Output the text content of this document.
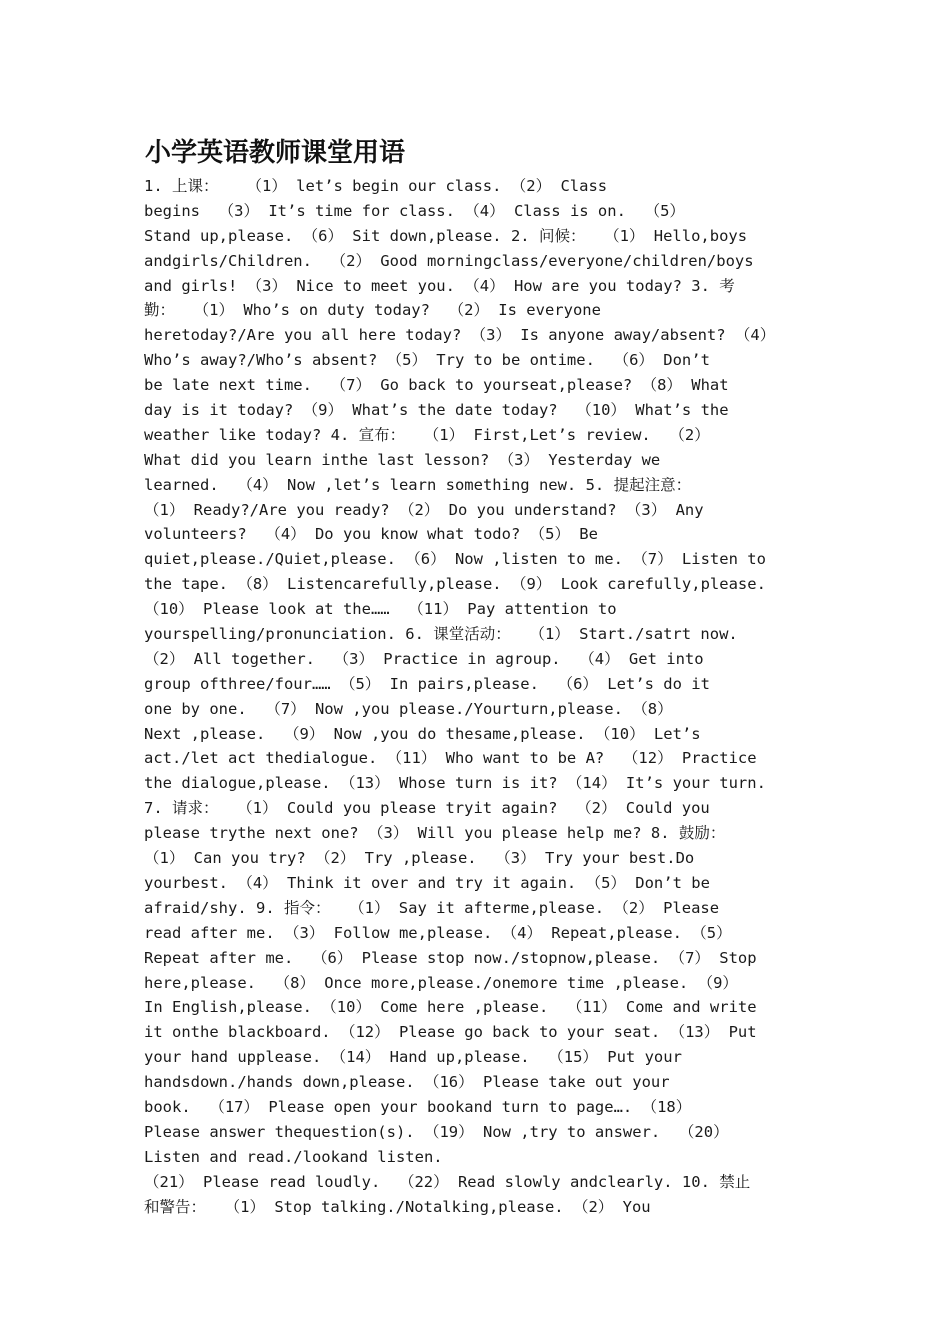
小学英语教师课堂用语
1. 上课：   （1） let’s begin our class. （2） Class
begins  （3） It’s time for class. （4） Class is on.  （5）
Stand up,please. （6） Sit down,please. 2. 问候：  （1） Hello,boys
andgirls/Children.  （2） Good morningclass/everyone/children/boys
and girls! （3） Nice to meet you. （4） How are you today? 3. 考
勤：  （1） Who’s on duty today?  （2） Is everyone
heretoday?/Are you all here today? （3） Is anyone away/absent? （4）
Who’s away?/Who’s absent? （5） Try to be ontime.  （6） Don’t
be late next time.  （7） Go back to yourseat,please? （8） What
day is it today? （9） What’s the date today?  （10） What’s the
weather like today? 4. 宣布：  （1） First,Let’s review.  （2）
What did you learn inthe last lesson? （3） Yesterday we
learned.  （4） Now ,let’s learn something new. 5. 提起注意：
（1） Ready?/Are you ready? （2） Do you understand? （3） Any
volunteers?  （4） Do you know what todo? （5） Be
quiet,please./Quiet,please. （6） Now ,listen to me. （7） Listen to
the tape. （8） Listencarefully,please. （9） Look carefully,please.
（10） Please look at the……  （11） Pay attention to
yourspelling/pronunciation. 6. 课堂活动：  （1） Start./satrt now.
（2） All together.  （3） Practice in agroup.  （4） Get into
group ofthree/four…… （5） In pairs,please.  （6） Let’s do it
one by one.  （7） Now ,you please./Yourturn,please. （8）
Next ,please.  （9） Now ,you do thesame,please. （10） Let’s
act./let act thedialogue. （11） Who want to be A?  （12） Practice
the dialogue,please. （13） Whose turn is it? （14） It’s your turn.
7. 请求：  （1） Could you please tryit again?  （2） Could you
please trythe next one? （3） Will you please help me? 8. 鼓励：
（1） Can you try? （2） Try ,please.  （3） Try your best.Do
yourbest. （4） Think it over and try it again. （5） Don’t be
afraid/shy. 9. 指令：  （1） Say it afterme,please. （2） Please
read after me. （3） Follow me,please. （4） Repeat,please. （5）
Repeat after me.  （6） Please stop now./stopnow,please. （7） Stop
here,please.  （8） Once more,please./onemore time ,please. （9）
In English,please. （10） Come here ,please.  （11） Come and write
it onthe blackboard. （12） Please go back to your seat. （13） Put
your hand upplease. （14） Hand up,please.  （15） Put your
handsdown./hands down,please. （16） Please take out your
book.  （17） Please open your bookand turn to page…. （18）
Please answer thequestion(s). （19） Now ,try to answer.  （20）
Listen and read./lookand listen.
（21） Please read loudly.  （22） Read slowly andclearly. 10. 禁止
和警告：  （1） Stop talking./Notalking,please. （2） You
